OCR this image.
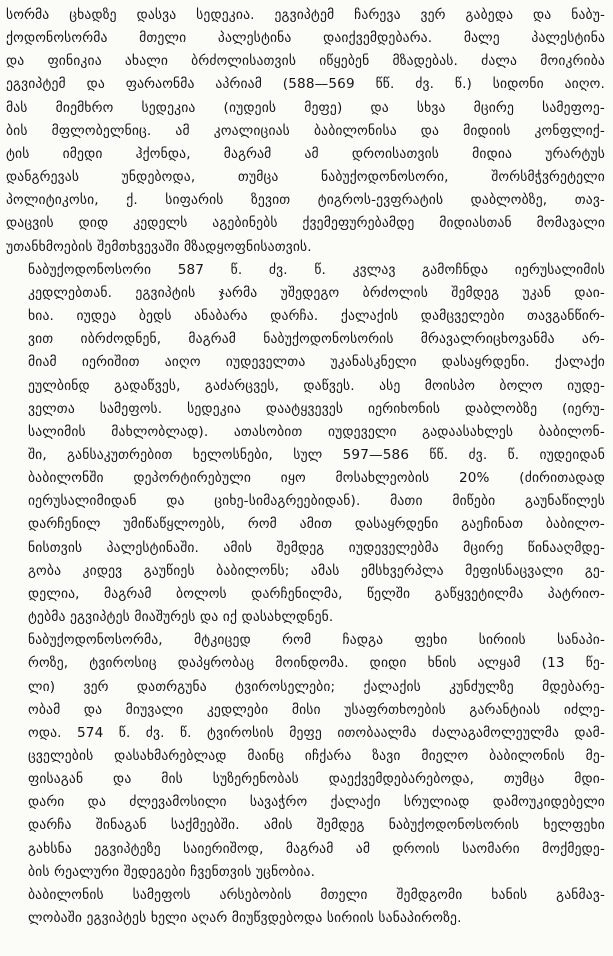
სორმა ცხადზე დასვა სედეკია. ეგვიპტემ ჩარევა ვერ გაბედა და ნაბუ-
ქოდონოსორმა მთელი პალესტინა დაიქვემდებარა. მალე პალესტინა
და ფინიკია ახალი ბრძოლისათვის იწყებენ მზადებას. ძალა მოიკრიბა
ეგვიპტემ და ფარაონმა აპრიამ (588—569 წწ. ძვ. წ.) სიდონი აიღო.
მას მიემხრო სედეკია (იუდეის მეფე) და სხვა მცირე სამეფოე-
ბის მფლობელნიც. ამ კოალიციას ბაბილონისა და მიდიის კონფლიქ-
ტის იმედი ჰქონდა, მაგრამ ამ დროისათვის მიდია ურარტუს
დანგრევას უნდებოდა, თუმცა ნაბუქოდონოსორი, შორსმჭვრეტელი
პოლიტიკოსი, ქ. სიფარის ზევით ტიგროს-ევფრატის დაბლობზე, თავ-
დაცვის დიდ კედელს აგებინებს ქვემეფურებამდე მიდიასთან მომავალი
უთანხმოების შემთხვევაში მზადყოფნისათვის.

ნაბუქოდონოსორი 587 წ. ძვ. წ. კვლავ გამოჩნდა იერუსალიმის
კედლებთან. ეგვიპტის ჯარმა უშედეგო ბრძოლის შემდეგ უკან დაი-
ხია. იუდეა ბედს ანაბარა დარჩა. ქალაქის დამცველები თავგანწირ-
ვით იბრძოდნენ, მაგრამ ნაბუქოდონოსორის მრავალრიცხოვანმა არ-
მიამ იერიშით აიღო იუდეველთა უკანასკნელი დასაყრდენი. ქალაქი
ეულბინდ გადაწვეს, გაძარცვეს, დაწვეს. ასე მოისპო ბოლო იუდე-
ველთა სამეფოს. სედეკია დაატყვევეს იერიხონის დაბლობზე (იერუ-
სალიმის მახლობლად). ათასობით იუდეველი გადაასახლეს ბაბილონ-
ში, განსაკუთრებით ხელოსნები, სულ 597—586 წწ. ძვ. წ. იუდეიდან
ბაბილონში დეპორტირებული იყო მოსახლეობის 20% (ძირითადად
იერუსალიმიდან და ციხე-სიმაგრეებიდან). მათი მიწები გაუნაწილეს
დარჩენილ უმიწაწყლოებს, რომ ამით დასაყრდენი გაეჩინათ ბაბილო-
ნისთვის პალესტინაში. ამის შემდეგ იუდეველებმა მცირე წინააღმდე-
გობა კიდევ გაუწიეს ბაბილონს; ამას ემსხვერპლა მეფისნაცვალი გე-
დელია, მაგრამ ბოლოს დარჩენილმა, წელში გაწყვეტილმა პატრიო-
ტებმა ეგვიპტეს მიაშურეს და იქ დასახლდნენ.

ნაბუქოდონოსორმა, მტკიცედ რომ ჩადგა ფეხი სირიის სანაპი-
როზე, ტვიროსიც დაპყრობაც მოინდომა. დიდი ხნის ალყამ (13 წე-
ლი) ვერ დათრგუნა ტვიროსელები; ქალაქის კუნძულზე მდებარე-
ობამ და მიუვალი კედლები მისი უსაფრთხოების გარანტიას იძლე-
ოდა. 574 წ. ძვ. წ. ტვიროსის მეფე ითობაალმა ძალაგამოლეულმა დამ-
ცველების დასახმარებლად მაინც იჩქარა ზავი მიელო ბაბილონის მე-
ფისაგან და მის სუზერენობას დაექვემდებარებოდა, თუმცა მდი-
დარი და ძლევამოსილი სავაჭრო ქალაქი სრულიად დამოუკიდებელი
დარჩა შინაგან საქმეებში. ამის შემდეგ ნაბუქოდონოსორის ხელფეხი
გახსნა ეგვიპტეზე საიერიშოდ, მაგრამ ამ დროის საომარი მოქმედე-
ბის რეალური შედეგები ჩვენთვის უცნობია.

ბაბილონის სამეფოს არსებობის მთელი შემდგომი ხანის განმავ-
ლობაში ეგვიპტეს ხელი აღარ მიუწვდებოდა სირიის სანაპიროზე.
